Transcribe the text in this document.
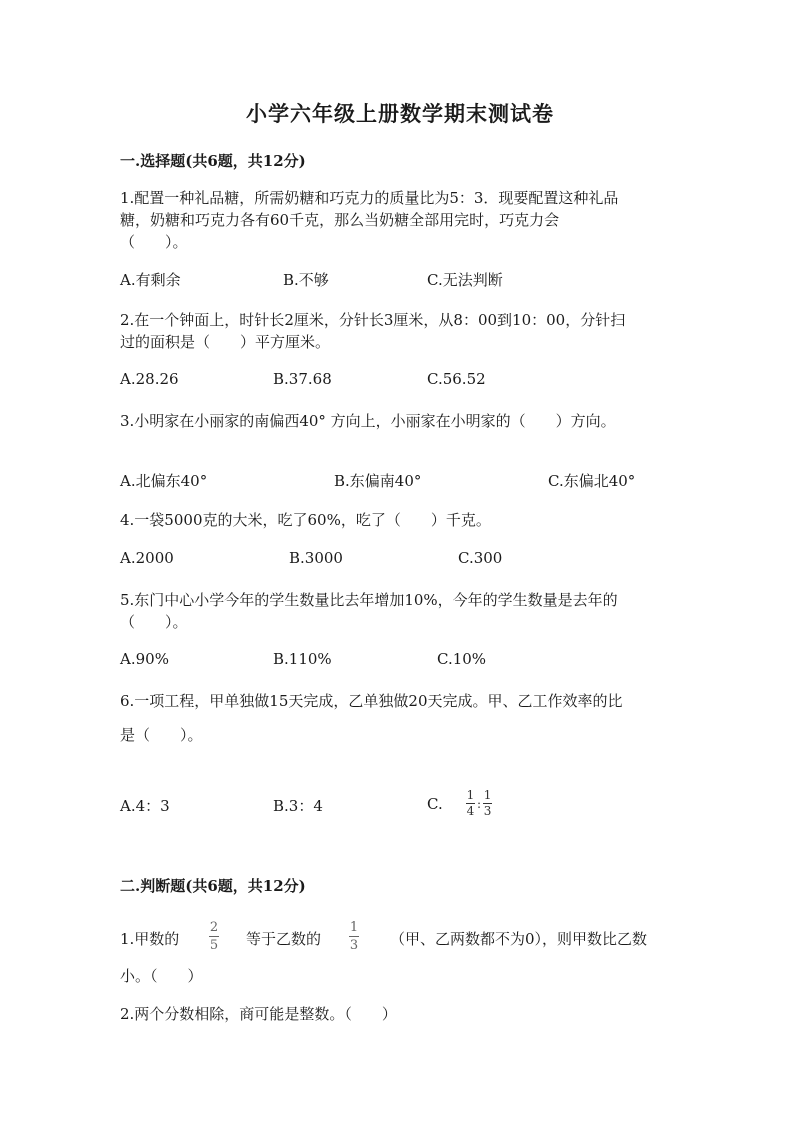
小学六年级上册数学期末测试卷
一.选择题(共6题，共12分)
1.配置一种礼品糖，所需奶糖和巧克力的质量比为5：3．现要配置这种礼品
糖，奶糖和巧克力各有60千克，那么当奶糖全部用完时，巧克力会
（　　）。
A.有剩余	B.不够	C.无法判断
2.在一个钟面上，时针长2厘米，分针长3厘米，从8：00到10：00，分针扫
过的面积是（　　）平方厘米。
A.28.26	B.37.68	C.56.52
3.小明家在小丽家的南偏西40° 方向上，小丽家在小明家的（　　）方向。
A.北偏东40°	B.东偏南40°	C.东偏北40°
4.一袋5000克的大米，吃了60%，吃了（　　）千克。
A.2000	B.3000	C.300
5.东门中心小学今年的学生数量比去年增加10%，今年的学生数量是去年的
（　　）。
A.90%	B.110%	C.10%
6.一项工程，甲单独做15天完成，乙单独做20天完成。甲、乙工作效率的比
是（　　）。
A.4：3	B.3：4	C. 1
4
:
1
3
二.判断题(共6题，共12分)
1.甲数的
2
5 等于乙数的
1
3 （甲、乙两数都不为0），则甲数比乙数
小。（　　）
2.两个分数相除，商可能是整数。（　　）
